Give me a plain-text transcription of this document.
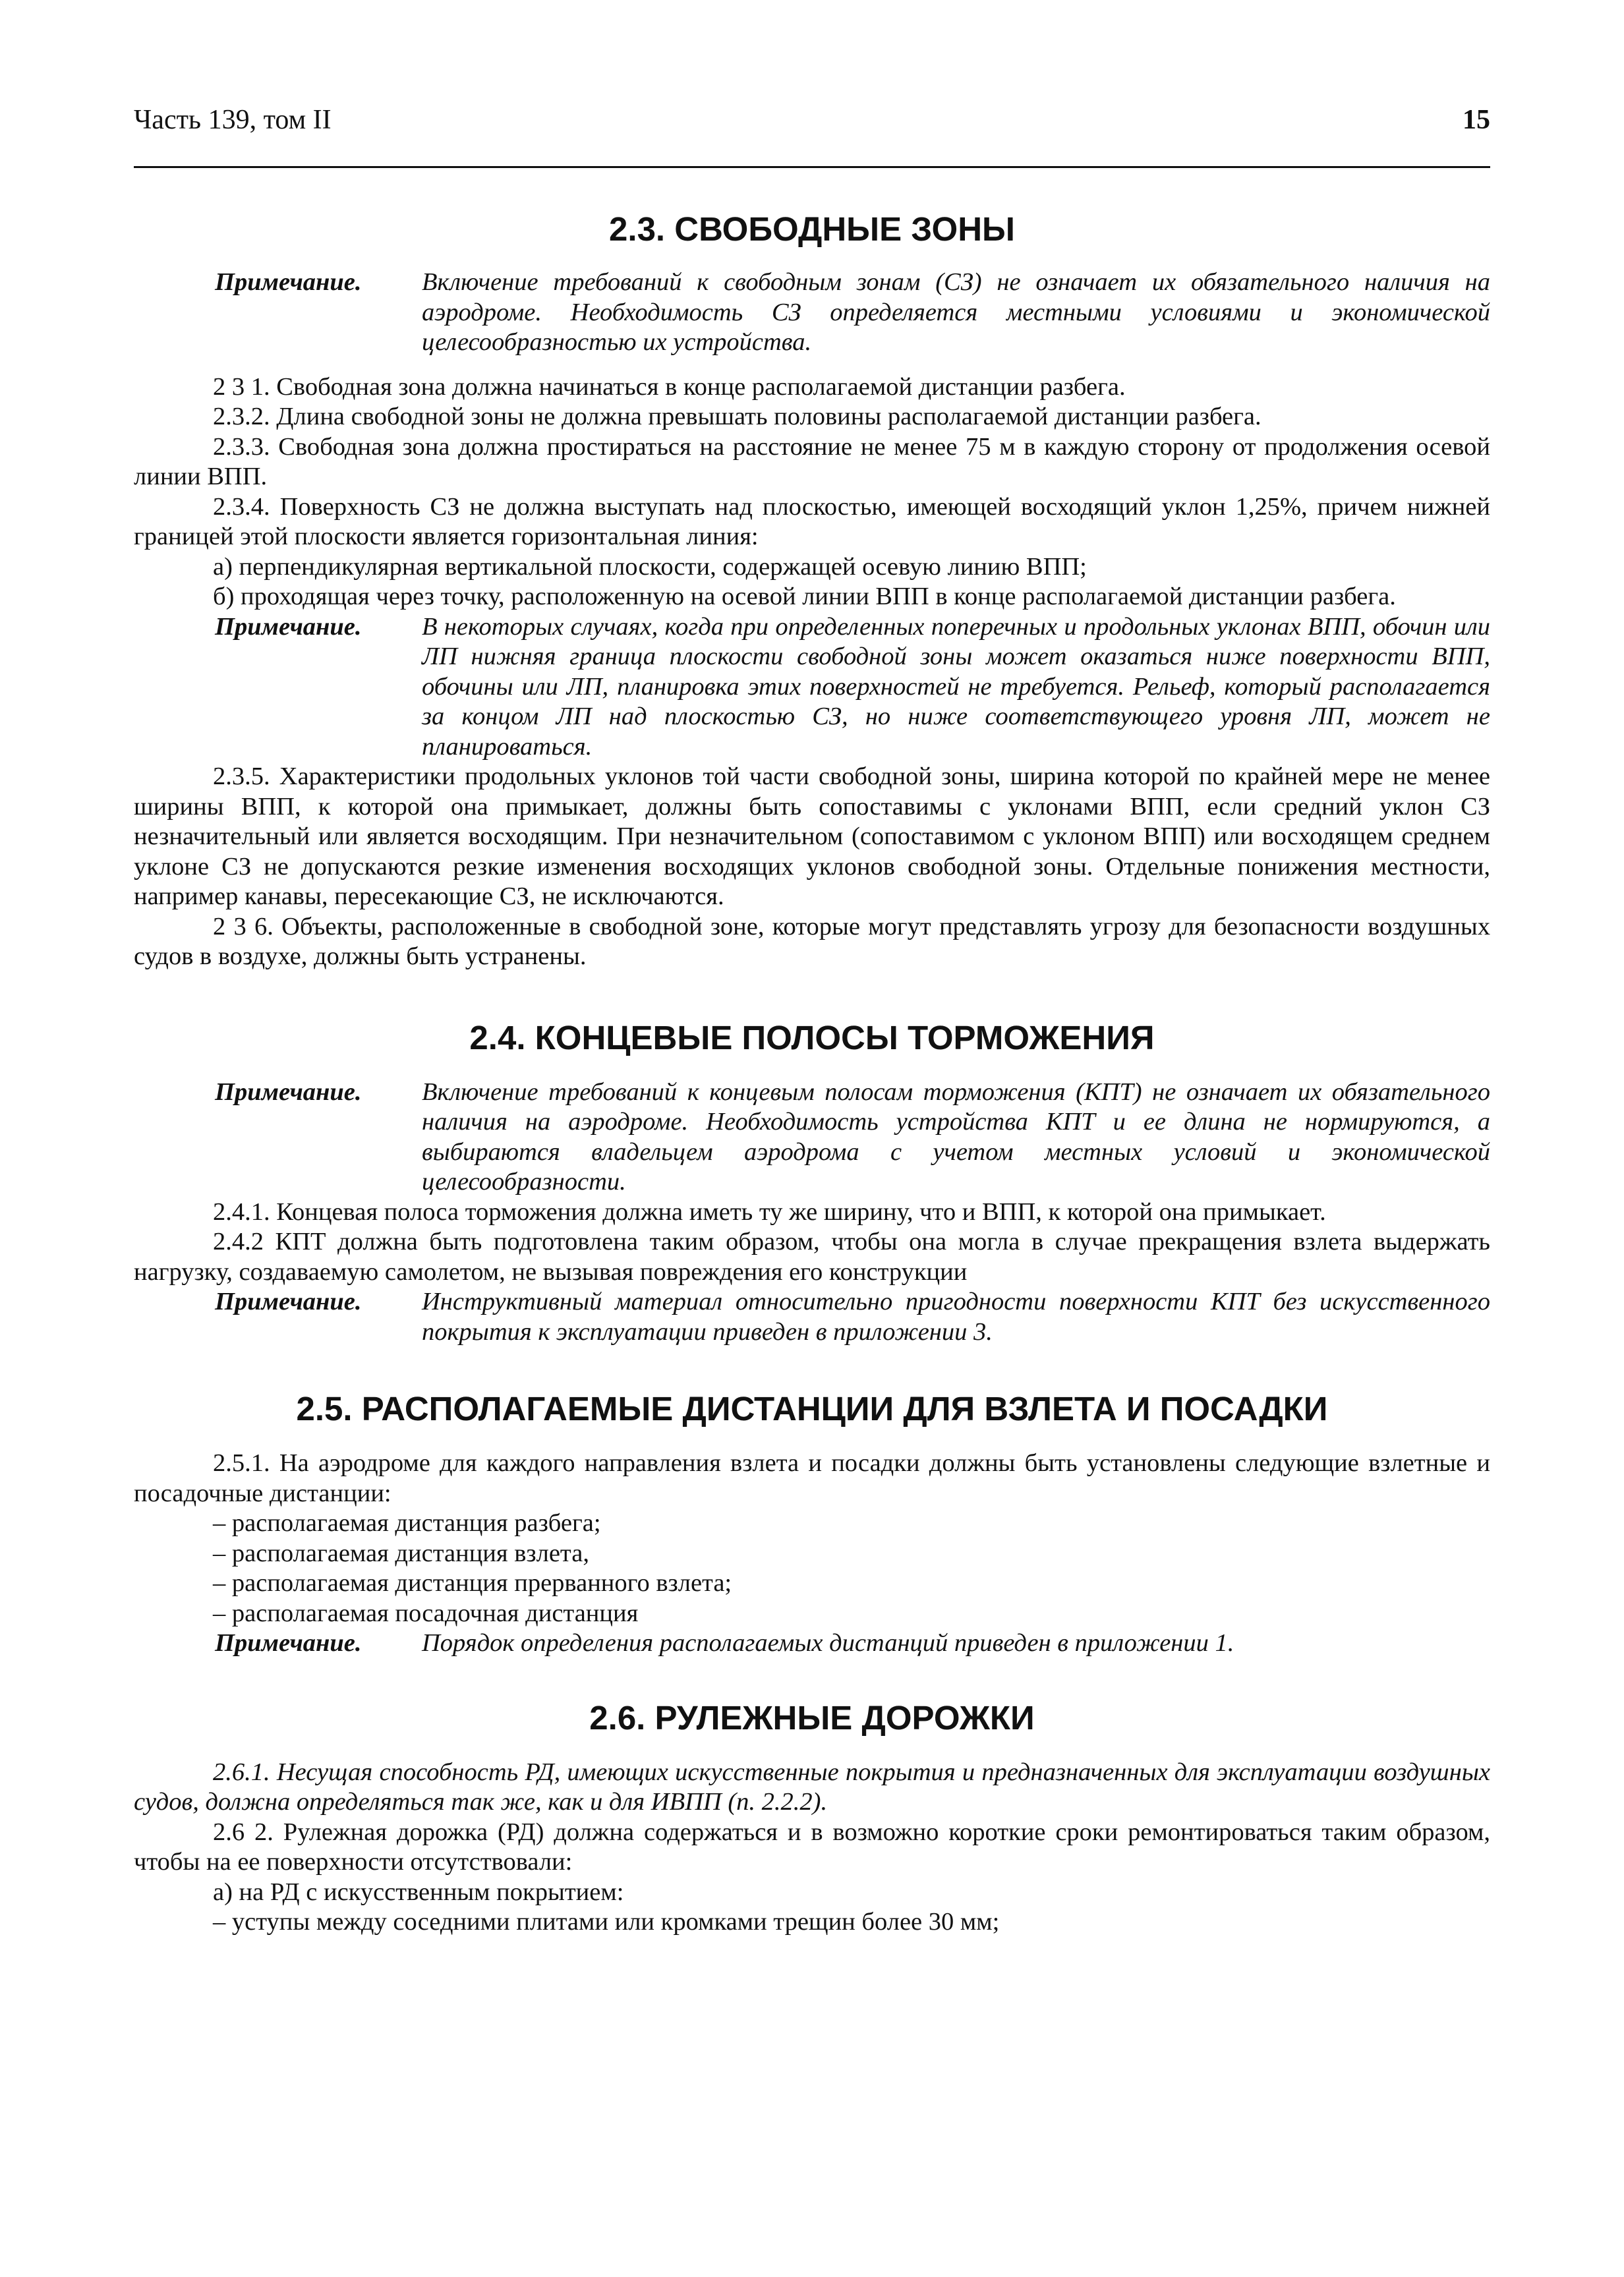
Часть 139, том II	15
2.3. СВОБОДНЫЕ ЗОНЫ
Примечание. Включение требований к свободным зонам (СЗ) не означает их обязательного наличия на аэродроме. Необходимость СЗ определяется местными условиями и экономической целесообразностью их устройства.

2 3 1. Свободная зона должна начинаться в конце располагаемой дистанции разбега.

2.3.2. Длина свободной зоны не должна превышать половины располагаемой дистанции разбега.

2.3.3. Свободная зона должна простираться на расстояние не менее 75 м в каждую сторону от продолжения осевой линии ВПП.

2.3.4. Поверхность СЗ не должна выступать над плоскостью, имеющей восходящий уклон 1,25%, причем нижней границей этой плоскости является горизонтальная линия:

а) перпендикулярная вертикальной плоскости, содержащей осевую линию ВПП;

б) проходящая через точку, расположенную на осевой линии ВПП в конце располагаемой дистанции разбега.

Примечание. В некоторых случаях, когда при определенных поперечных и продольных уклонах ВПП, обочин или ЛП нижняя граница плоскости свободной зоны может оказаться ниже поверхности ВПП, обочины или ЛП, планировка этих поверхностей не требуется. Рельеф, который располагается за концом ЛП над плоскостью СЗ, но ниже соответствующего уровня ЛП, может не планироваться.

2.3.5. Характеристики продольных уклонов той части свободной зоны, ширина которой по крайней мере не менее ширины ВПП, к которой она примыкает, должны быть сопоставимы с уклонами ВПП, если средний уклон СЗ незначительный или является восходящим. При незначительном (сопоставимом с уклоном ВПП) или восходящем среднем уклоне СЗ не допускаются резкие изменения восходящих уклонов свободной зоны. Отдельные понижения местности, например канавы, пересекающие СЗ, не исключаются.

2 3 6. Объекты, расположенные в свободной зоне, которые могут представлять угрозу для безопасности воздушных судов в воздухе, должны быть устранены.

2.4. КОНЦЕВЫЕ ПОЛОСЫ ТОРМОЖЕНИЯ
Примечание. Включение требований к концевым полосам торможения (КПТ) не означает их обязательного наличия на аэродроме. Необходимость устройства КПТ и ее длина не нормируются, а выбираются владельцем аэродрома с учетом местных условий и экономической целесообразности.

2.4.1. Концевая полоса торможения должна иметь ту же ширину, что и ВПП, к которой она примыкает.

2.4.2 КПТ должна быть подготовлена таким образом, чтобы она могла в случае прекращения взлета выдержать нагрузку, создаваемую самолетом, не вызывая повреждения его конструкции

Примечание. Инструктивный материал относительно пригодности поверхности КПТ без искусственного покрытия к эксплуатации приведен в приложении 3.
2.5. РАСПОЛАГАЕМЫЕ ДИСТАНЦИИ ДЛЯ ВЗЛЕТА И ПОСАДКИ

2.5.1. На аэродроме для каждого направления взлета и посадки должны быть установлены следующие взлетные и посадочные дистанции:

– располагаемая дистанция разбега;

– располагаемая дистанция взлета,

– располагаемая дистанция прерванного взлета;

– располагаемая посадочная дистанция

Примечание. Порядок определения располагаемых дистанций приведен в приложении 1.
2.6. РУЛЕЖНЫЕ ДОРОЖКИ

2.6.1. Несущая способность РД, имеющих искусственные покрытия и предназначенных для эксплуатации воздушных судов, должна определяться так же, как и для ИВПП (п. 2.2.2).

2.6 2. Рулежная дорожка (РД) должна содержаться и в возможно короткие сроки ремонтироваться таким образом, чтобы на ее поверхности отсутствовали:

а) на РД с искусственным покрытием:

– уступы между соседними плитами или кромками трещин более 30 мм;
